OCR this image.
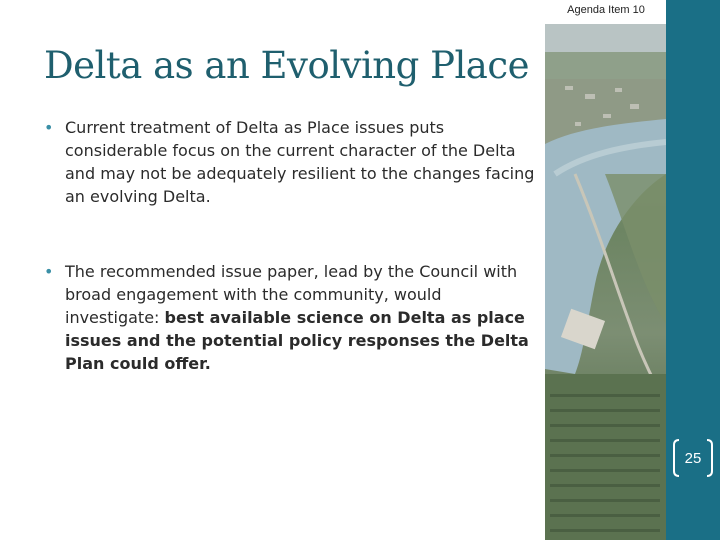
Agenda Item 10
Delta as an Evolving Place
• Current treatment of Delta as Place issues puts considerable focus on the current character of the Delta and may not be adequately resilient to the changes facing an evolving Delta.
• The recommended issue paper, lead by the Council with broad engagement with the community, would investigate: best available science on Delta as place issues and the potential policy responses the Delta Plan could offer.
25
